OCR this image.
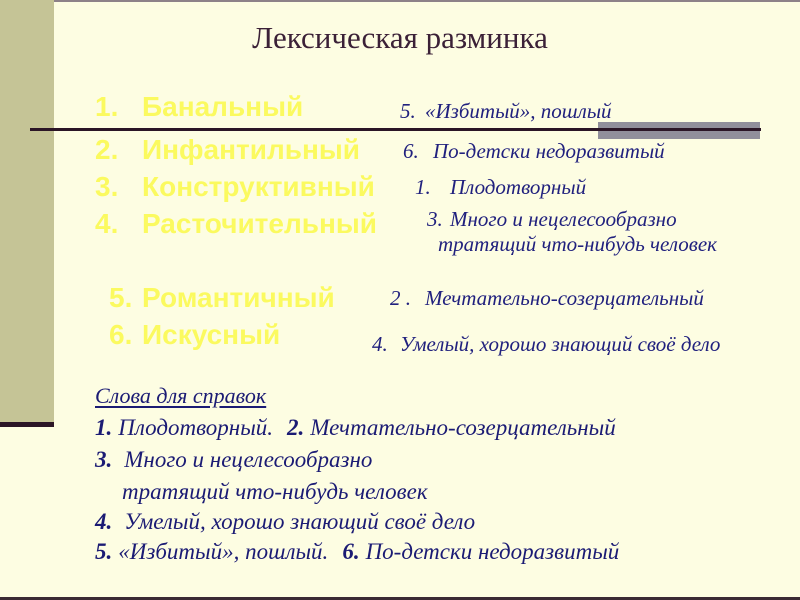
Лексическая разминка
1. Банальный
2. Инфантильный
3. Конструктивный
4. Расточительный
5. Романтичный
6. Искусный
5. «Избитый», пошлый
6. По-детски недоразвитый
1. Плодотворный
3. Много и нецелесообразно
тратящий что-нибудь человек
2 . Мечтательно-созерцательный
4. Умелый, хорошо знающий своё дело
Слова для справок
1. Плодотворный. 2. Мечтательно-созерцательный
3. Много и нецелесообразно
тратящий что-нибудь человек
4. Умелый, хорошо знающий своё дело
5. «Избитый», пошлый. 6. По-детски недоразвитый
